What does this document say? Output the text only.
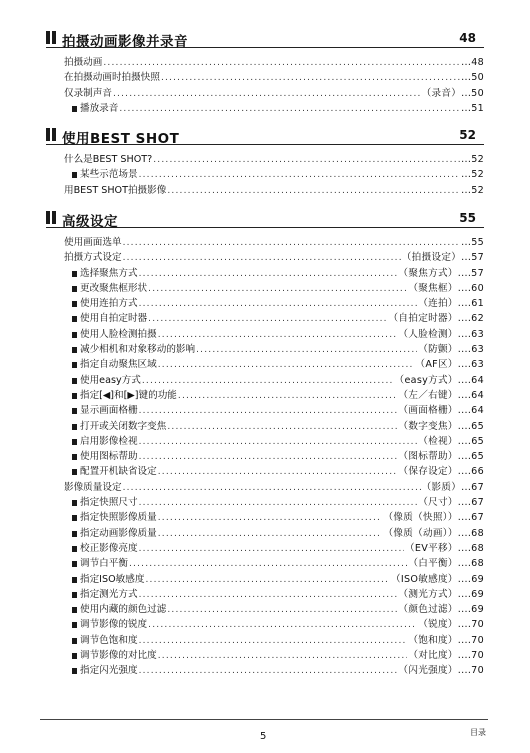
拍摄动画影像并录音	48
拍摄动画 .....	...48
在拍摄动画时拍摄快照 .....	...50
仅录制声音 .....	（录音）...50
播放录音 .....	...51
使用BEST SHOT	52
什么是BEST SHOT? .....	...52
某些示范场景 .....	...52
用BEST SHOT拍摄影像 .....	...52
高级设定	55
使用画面选单 .....	...55
拍摄方式设定 .....	（拍摄设定）...57
选择聚焦方式 .....	（聚焦方式）....57
更改聚焦框形状 .....	（聚焦框）....60
使用连拍方式 .....	（连拍）....61
使用自拍定时器 .....	（自拍定时器）....62
使用人脸检测拍摄 .....	（人脸检测）....63
减少相机和对象移动的影响 .....	（防颤）....63
指定自动聚焦区域 .....	（AF区）....63
使用easy方式 .....	（easy方式）....64
指定[◀]和[▶]键的功能 .....	（左／右键）....64
显示画面格栅 .....	（画面格栅）....64
打开或关闭数字变焦 .....	（数字变焦）....65
启用影像检视 .....	（检视）....65
使用图标帮助 .....	（图标帮助）....65
配置开机缺省设定 .....	（保存设定）....66
影像质量设定 .....	（影质）...67
指定快照尺寸 .....	（尺寸）....67
指定快照影像质量 .....	（像质（快照））....67
指定动画影像质量 .....	（像质（动画））....68
校正影像亮度 .....	（EV平移）....68
调节白平衡 .....	（白平衡）....68
指定ISO敏感度 .....	（ISO敏感度）....69
指定测光方式 .....	（测光方式）....69
使用内藏的颜色过滤 .....	（颜色过滤）....69
调节影像的锐度 .....	（锐度）....70
调节色饱和度 .....	（饱和度）....70
调节影像的对比度 .....	（对比度）....70
指定闪光强度 .....	（闪光强度）....70
5	目录
